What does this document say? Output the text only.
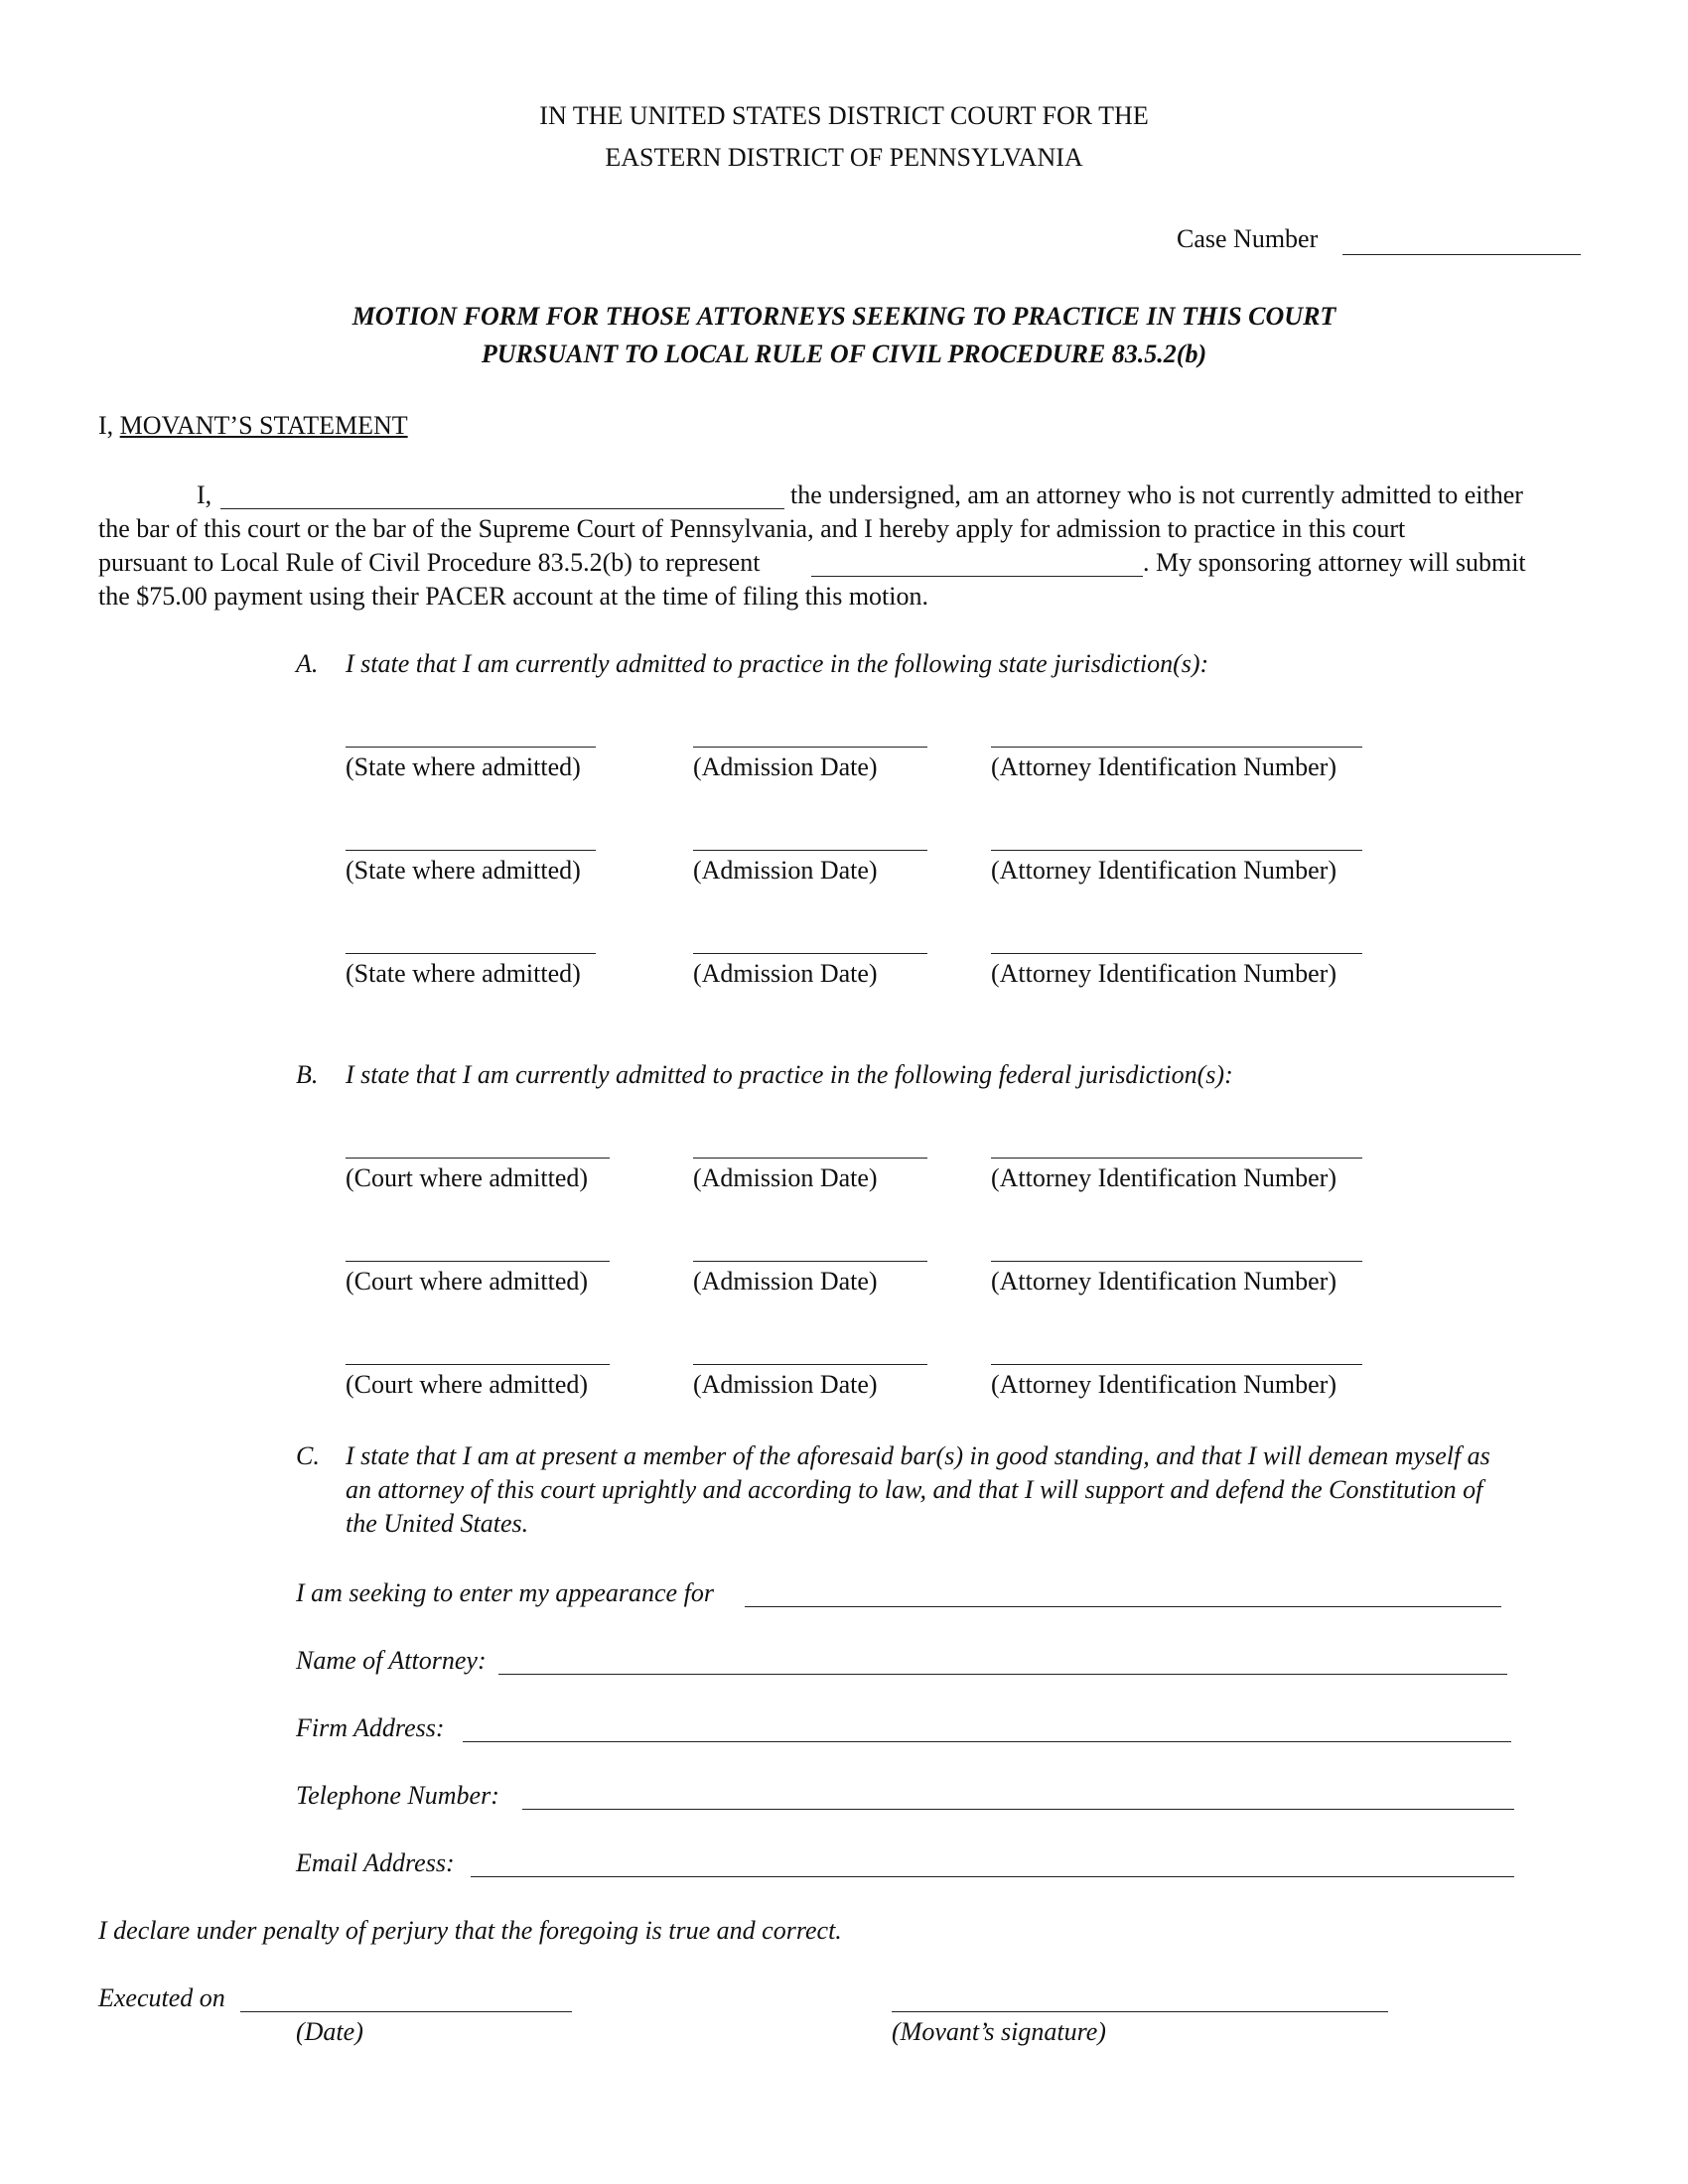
IN THE UNITED STATES DISTRICT COURT FOR THE
EASTERN DISTRICT OF PENNSYLVANIA
Case Number
MOTION FORM FOR THOSE ATTORNEYS SEEKING TO PRACTICE IN THIS COURT
PURSUANT TO LOCAL RULE OF CIVIL PROCEDURE 83.5.2(b)
I, MOVANT’S STATEMENT
I,	the undersigned, am an attorney who is not currently admitted to either
the bar of this court or the bar of the Supreme Court of Pennsylvania, and I hereby apply for admission to practice in this court
pursuant to Local Rule of Civil Procedure 83.5.2(b) to represent	. My sponsoring attorney will submit
the $75.00 payment using their PACER account at the time of filing this motion.
A. I state that I am currently admitted to practice in the following state jurisdiction(s):
(State where admitted)	(Admission Date)	(Attorney Identification Number)
(State where admitted)	(Admission Date)	(Attorney Identification Number)
(State where admitted)	(Admission Date)	(Attorney Identification Number)
B. I state that I am currently admitted to practice in the following federal jurisdiction(s):
(Court where admitted)	(Admission Date)	(Attorney Identification Number)
(Court where admitted)	(Admission Date)	(Attorney Identification Number)
(Court where admitted)	(Admission Date)	(Attorney Identification Number)
C. I state that I am at present a member of the aforesaid bar(s) in good standing, and that I will demean myself as
an attorney of this court uprightly and according to law, and that I will support and defend the Constitution of
the United States.
I am seeking to enter my appearance for
Name of Attorney:
Firm Address:
Telephone Number:
Email Address:
I declare under penalty of perjury that the foregoing is true and correct.
Executed on
(Date)	(Movant’s signature)
